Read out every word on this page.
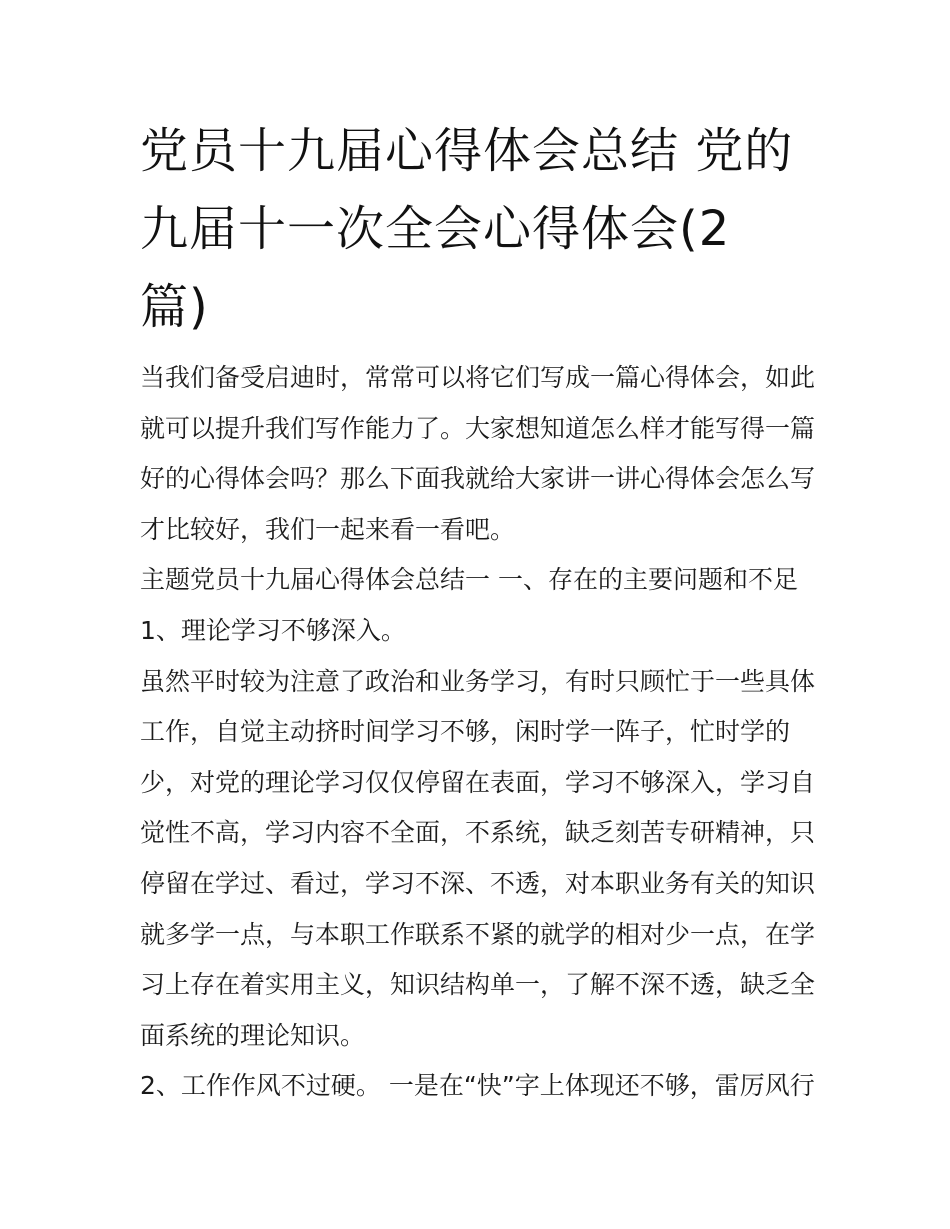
党员十九届心得体会总结 党的
九届十一次全会心得体会(2
篇)

当我们备受启迪时，常常可以将它们写成一篇心得体会，如此

就可以提升我们写作能力了。大家想知道怎么样才能写得一篇

好的心得体会吗？那么下面我就给大家讲一讲心得体会怎么写

才比较好，我们一起来看一看吧。

主题党员十九届心得体会总结一 一、存在的主要问题和不足

1、理论学习不够深入。

虽然平时较为注意了政治和业务学习，有时只顾忙于一些具体

工作，自觉主动挤时间学习不够，闲时学一阵子，忙时学的

少，对党的理论学习仅仅停留在表面，学习不够深入，学习自

觉性不高，学习内容不全面，不系统，缺乏刻苦专研精神，只

停留在学过、看过，学习不深、不透，对本职业务有关的知识

就多学一点，与本职工作联系不紧的就学的相对少一点，在学

习上存在着实用主义，知识结构单一，了解不深不透，缺乏全

面系统的理论知识。

2、工作作风不过硬。 一是在“快”字上体现还不够，雷厉风行
